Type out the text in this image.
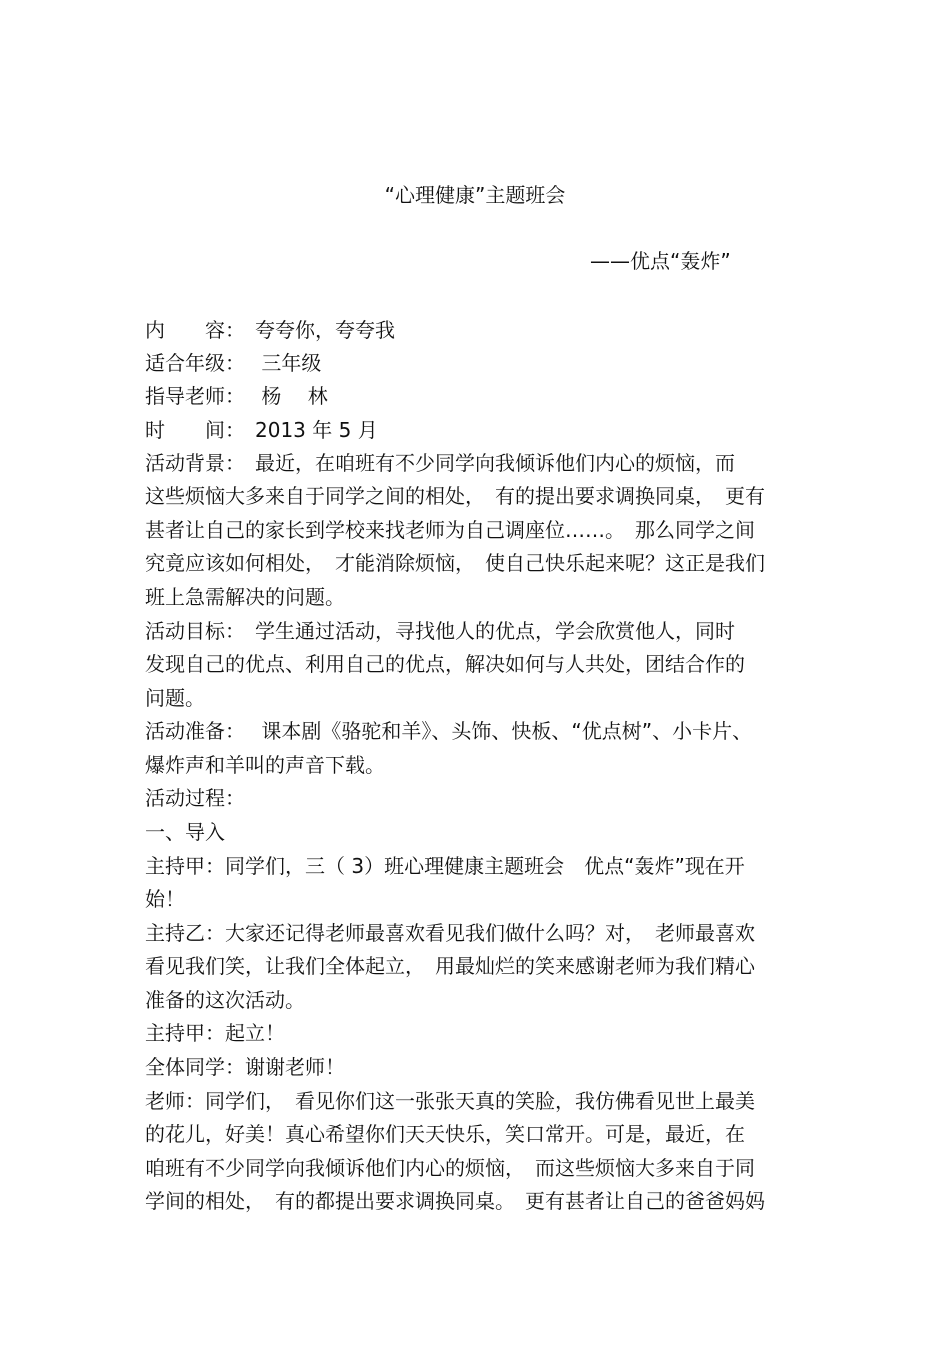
“心理健康”主题班会
——优点“轰炸”
内　　容：　夸夸你，夸夸我
适合年级：　 三年级
指导老师：　 杨　 林
时　　间：　2013 年 5 月
活动背景：　最近，在咱班有不少同学向我倾诉他们内心的烦恼，而
这些烦恼大多来自于同学之间的相处，　有的提出要求调换同桌，　更有
甚者让自己的家长到学校来找老师为自己调座位……。　那么同学之间
究竟应该如何相处，　才能消除烦恼，　使自己快乐起来呢？这正是我们
班上急需解决的问题。
活动目标：　学生通过活动，寻找他人的优点，学会欣赏他人，同时
发现自己的优点、利用自己的优点，解决如何与人共处，团结合作的
问题。
活动准备：　 课本剧《骆驼和羊》、头饰、快板、“优点树”、小卡片、
爆炸声和羊叫的声音下载。
活动过程：
一、导入
主持甲：同学们，三（ 3）班心理健康主题班会　优点“轰炸”现在开
始！
主持乙：大家还记得老师最喜欢看见我们做什么吗？对，　老师最喜欢
看见我们笑，让我们全体起立，　用最灿烂的笑来感谢老师为我们精心
准备的这次活动。
主持甲：起立！
全体同学：谢谢老师！
老师：同学们，　看见你们这一张张天真的笑脸，我仿佛看见世上最美
的花儿，好美！真心希望你们天天快乐，笑口常开。可是，最近，在
咱班有不少同学向我倾诉他们内心的烦恼，　而这些烦恼大多来自于同
学间的相处，　有的都提出要求调换同桌。　更有甚者让自己的爸爸妈妈
